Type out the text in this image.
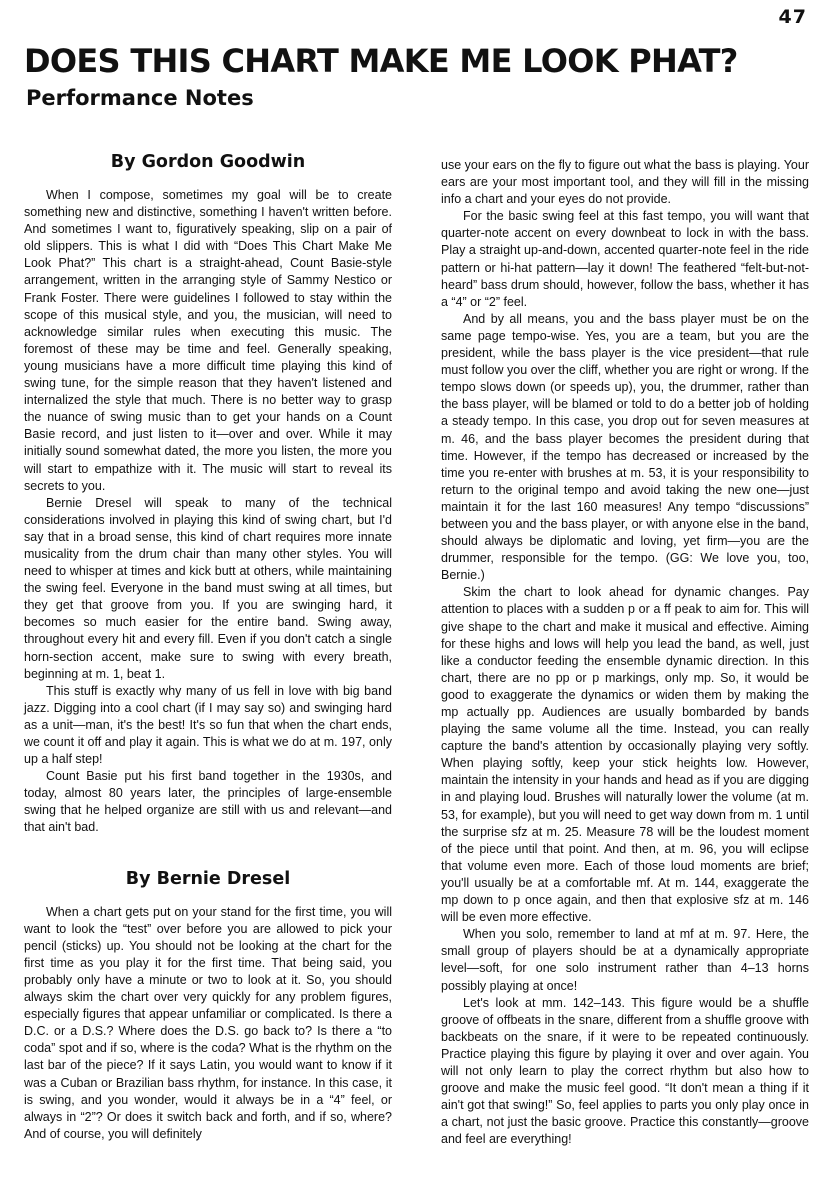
47
DOES THIS CHART MAKE ME LOOK PHAT?
Performance Notes
By Gordon Goodwin

When I compose, sometimes my goal will be to create something new and distinctive, something I haven't written before. And sometimes I want to, figuratively speaking, slip on a pair of old slippers. This is what I did with “Does This Chart Make Me Look Phat?” This chart is a straight-ahead, Count Basie-style arrangement, written in the arranging style of Sammy Nestico or Frank Foster. There were guidelines I followed to stay within the scope of this musical style, and you, the musician, will need to acknowledge similar rules when executing this music. The foremost of these may be time and feel. Generally speaking, young musicians have a more difficult time playing this kind of swing tune, for the simple reason that they haven't listened and internalized the style that much. There is no better way to grasp the nuance of swing music than to get your hands on a Count Basie record, and just listen to it—over and over. While it may initially sound somewhat dated, the more you listen, the more you will start to empathize with it. The music will start to reveal its secrets to you.

Bernie Dresel will speak to many of the technical considerations involved in playing this kind of swing chart, but I'd say that in a broad sense, this kind of chart requires more innate musicality from the drum chair than many other styles. You will need to whisper at times and kick butt at others, while maintaining the swing feel. Everyone in the band must swing at all times, but they get that groove from you. If you are swinging hard, it becomes so much easier for the entire band. Swing away, throughout every hit and every fill. Even if you don't catch a single horn-section accent, make sure to swing with every breath, beginning at m. 1, beat 1.

This stuff is exactly why many of us fell in love with big band jazz. Digging into a cool chart (if I may say so) and swinging hard as a unit—man, it's the best! It's so fun that when the chart ends, we count it off and play it again. This is what we do at m. 197, only up a half step!

Count Basie put his first band together in the 1930s, and today, almost 80 years later, the principles of large-ensemble swing that he helped organize are still with us and relevant—and that ain't bad.

By Bernie Dresel

When a chart gets put on your stand for the first time, you will want to look the “test” over before you are allowed to pick your pencil (sticks) up. You should not be looking at the chart for the first time as you play it for the first time. That being said, you probably only have a minute or two to look at it. So, you should always skim the chart over very quickly for any problem figures, especially figures that appear unfamiliar or complicated. Is there a D.C. or a D.S.? Where does the D.S. go back to? Is there a “to coda” spot and if so, where is the coda? What is the rhythm on the last bar of the piece? If it says Latin, you would want to know if it was a Cuban or Brazilian bass rhythm, for instance. In this case, it is swing, and you wonder, would it always be in a “4” feel, or always in “2”? Or does it switch back and forth, and if so, where? And of course, you will definitely

use your ears on the fly to figure out what the bass is playing. Your ears are your most important tool, and they will fill in the missing info a chart and your eyes do not provide.

For the basic swing feel at this fast tempo, you will want that quarter-note accent on every downbeat to lock in with the bass. Play a straight up-and-down, accented quarter-note feel in the ride pattern or hi-hat pattern—lay it down! The feathered “felt-but-not-heard” bass drum should, however, follow the bass, whether it has a “4” or “2” feel.

And by all means, you and the bass player must be on the same page tempo-wise. Yes, you are a team, but you are the president, while the bass player is the vice president—that rule must follow you over the cliff, whether you are right or wrong. If the tempo slows down (or speeds up), you, the drummer, rather than the bass player, will be blamed or told to do a better job of holding a steady tempo. In this case, you drop out for seven measures at m. 46, and the bass player becomes the president during that time. However, if the tempo has decreased or increased by the time you re-enter with brushes at m. 53, it is your responsibility to return to the original tempo and avoid taking the new one—just maintain it for the last 160 measures! Any tempo “discussions” between you and the bass player, or with anyone else in the band, should always be diplomatic and loving, yet firm—you are the drummer, responsible for the tempo. (GG: We love you, too, Bernie.)

Skim the chart to look ahead for dynamic changes. Pay attention to places with a sudden p or a ff peak to aim for. This will give shape to the chart and make it musical and effective. Aiming for these highs and lows will help you lead the band, as well, just like a conductor feeding the ensemble dynamic direction. In this chart, there are no pp or p markings, only mp. So, it would be good to exaggerate the dynamics or widen them by making the mp actually pp. Audiences are usually bombarded by bands playing the same volume all the time. Instead, you can really capture the band's attention by occasionally playing very softly. When playing softly, keep your stick heights low. However, maintain the intensity in your hands and head as if you are digging in and playing loud. Brushes will naturally lower the volume (at m. 53, for example), but you will need to get way down from m. 1 until the surprise sfz at m. 25. Measure 78 will be the loudest moment of the piece until that point. And then, at m. 96, you will eclipse that volume even more. Each of those loud moments are brief; you'll usually be at a comfortable mf. At m. 144, exaggerate the mp down to p once again, and then that explosive sfz at m. 146 will be even more effective.

When you solo, remember to land at mf at m. 97. Here, the small group of players should be at a dynamically appropriate level—soft, for one solo instrument rather than 4–13 horns possibly playing at once!

Let's look at mm. 142–143. This figure would be a shuffle groove of offbeats in the snare, different from a shuffle groove with backbeats on the snare, if it were to be repeated continuously. Practice playing this figure by playing it over and over again. You will not only learn to play the correct rhythm but also how to groove and make the music feel good. “It don't mean a thing if it ain't got that swing!” So, feel applies to parts you only play once in a chart, not just the basic groove. Practice this constantly—groove and feel are everything!
